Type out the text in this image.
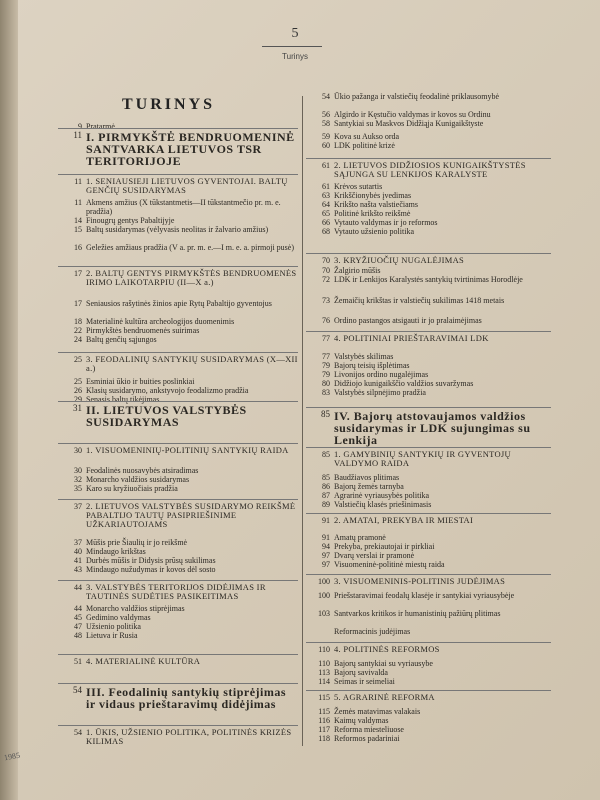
5
Turinys
TURINYS
9 Pratarmė
11 I. PIRMYKŠTĖ BENDRUOMENINĖ SANTVARKA LIETUVOS TSR TERITORIJOJE
11 1. SENIAUSIEJI LIETUVOS GYVENTOJAI. BALTŲ GENČIŲ SUSIDARYMAS
11 Akmens amžius (X tūkstantmetis—II tūkstantmečio pr. m. e. pradžia)
14 Finougrų gentys Pabaltijyje
15 Baltų susidarymas (vėlyvasis neolitas ir žalvario amžius)
16 Geležies amžiaus pradžia (V a. pr. m. e.—I m. e. a. pirmoji pusė)
17 2. BALTŲ GENTYS PIRMYKŠTĖS BENDRUOMENĖS IRIMO LAIKOTARPIU (II—X a.)
17 Seniausios rašytinės žinios apie Rytų Pabaltijo gyventojus
18 Materialinė kultūra archeologijos duomenimis
22 Pirmykštės bendruomenės suirimas
24 Baltų genčių sąjungos
25 3. FEODALINIŲ SANTYKIŲ SUSIDARYMAS (X—XII a.)
25 Esminiai ūkio ir buities poslinkiai
26 Klasių susidarymo, ankstyvojo feodalizmo pradžia
29 Senasis baltų tikėjimas
31 II. LIETUVOS VALSTYBĖS SUSIDARYMAS
30 1. VISUOMENINIŲ-POLITINIŲ SANTYKIŲ RAIDA
30 Feodalinės nuosavybės atsiradimas
32 Monarcho valdžios susidarymas
35 Karo su kryžiuočiais pradžia
37 2. LIETUVOS VALSTYBĖS SUSIDARYMO REIKŠMĖ PABALTIJO TAUTŲ PASIPRIEŠINIME UŽKARIAUTOJAMS
37 Mūšis prie Šiaulių ir jo reikšmė
40 Mindaugo krikštas
41 Durbės mūšis ir Didysis prūsų sukilimas
43 Mindaugo nužudymas ir kovos dėl sosto
44 3. VALSTYBĖS TERITORIJOS DIDĖJIMAS IR TAUTINĖS SUDĖTIES PASIKEITIMAS
44 Monarcho valdžios stiprėjimas
45 Gedimino valdymas
47 Užsienio politika
48 Lietuva ir Rusia
51 4. MATERIALINĖ KULTŪRA
54 III. Feodalinių santykių stiprėjimas ir vidaus prieštaravimų didėjimas
54 1. ŪKIS, UŽSIENIO POLITIKA, POLITINĖS KRIZĖS KILIMAS
54 Ūkio pažanga ir valstiečių feodalinė priklausomybė
56 Algirdo ir Kęstučio valdymas ir kovos su Ordinu
58 Santykiai su Maskvos Didžiąja Kunigaikštyste
59 Kova su Aukso orda
60 LDK politinė krizė
61 2. LIETUVOS DIDŽIOSIOS KUNIGAIKŠTYSTĖS SĄJUNGA SU LENKIJOS KARALYSTE
61 Krėvos sutartis
63 Krikščionybės įvedimas
64 Krikšto našta valstiečiams
65 Politinė krikšto reikšmė
66 Vytauto valdymas ir jo reformos
68 Vytauto užsienio politika
70 3. KRYŽIUOČIŲ NUGALĖJIMAS
70 Žalgirio mūšis
72 LDK ir Lenkijos Karalystės santykių tvirtinimas Horodlėje
73 Žemaičių krikštas ir valstiečių sukilimas 1418 metais
76 Ordino pastangos atsigauti ir jo pralaimėjimas
77 4. POLITINIAI PRIEŠTARAVIMAI LDK
77 Valstybės skilimas
79 Bajorų teisių išplėtimas
79 Livonijos ordino nugalėjimas
80 Didžiojo kunigaikščio valdžios suvaržymas
83 Valstybės silpnėjimo pradžia
85 IV. Bajorų atstovaujamos valdžios susidarymas ir LDK sujungimas su Lenkija
85 1. GAMYBINIŲ SANTYKIŲ IR GYVENTOJŲ VALDYMO RAIDA
85 Baudžiavos plitimas
86 Bajorų žemės tarnyba
87 Agrarinė vyriausybės politika
89 Valstiečių klasės priešinimasis
91 2. AMATAI, PREKYBA IR MIESTAI
91 Amatų pramonė
94 Prekyba, prekiautojai ir pirkliai
97 Dvarų verslai ir pramonė
97 Visuomeninė-politinė miestų raida
100 3. VISUOMENINIS-POLITINIS JUDĖJIMAS
100 Priešstaravimai feodalų klasėje ir santykiai vyriausybėje
103 Santvarkos kritikos ir humanistinių pažiūrų plitimas
Reformacinis judėjimas
110 4. POLITINĖS REFORMOS
110 Bajorų santykiai su vyriausybe
113 Bajorų savivalda
114 Seimas ir seimeliai
115 5. AGRARINĖ REFORMA
115 Žemės matavimas valakais
116 Kaimų valdymas
117 Reforma miesteliuose
118 Reformos padariniai
1985
